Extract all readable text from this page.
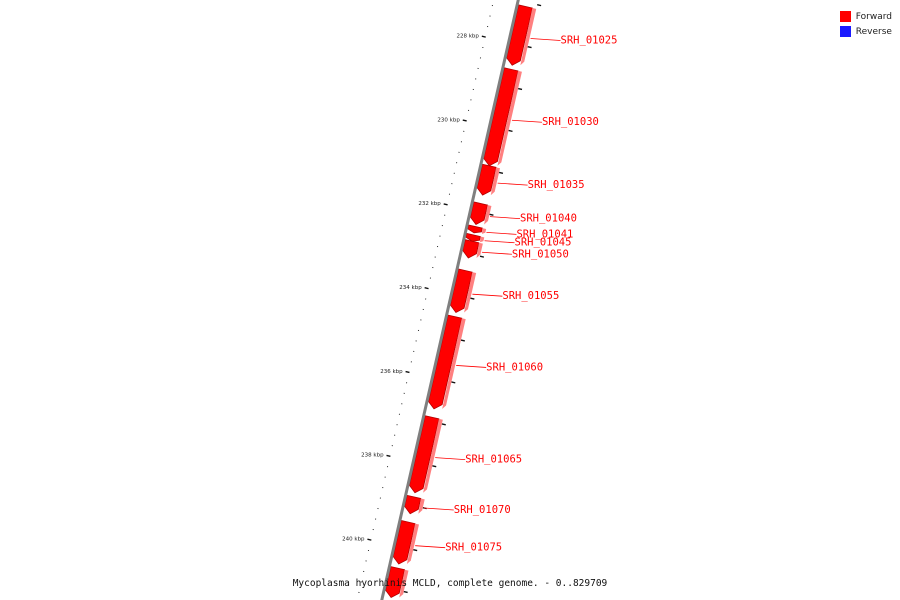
228 kbp
230 kbp
232 kbp
234 kbp
236 kbp
238 kbp
240 kbp
SRH_01025
SRH_01030
SRH_01035
SRH_01040
SRH_01041
SRH_01045
SRH_01050
SRH_01055
SRH_01060
SRH_01065
SRH_01070
SRH_01075
Forward
Reverse
Mycoplasma hyorhinis MCLD, complete genome. - 0..829709
